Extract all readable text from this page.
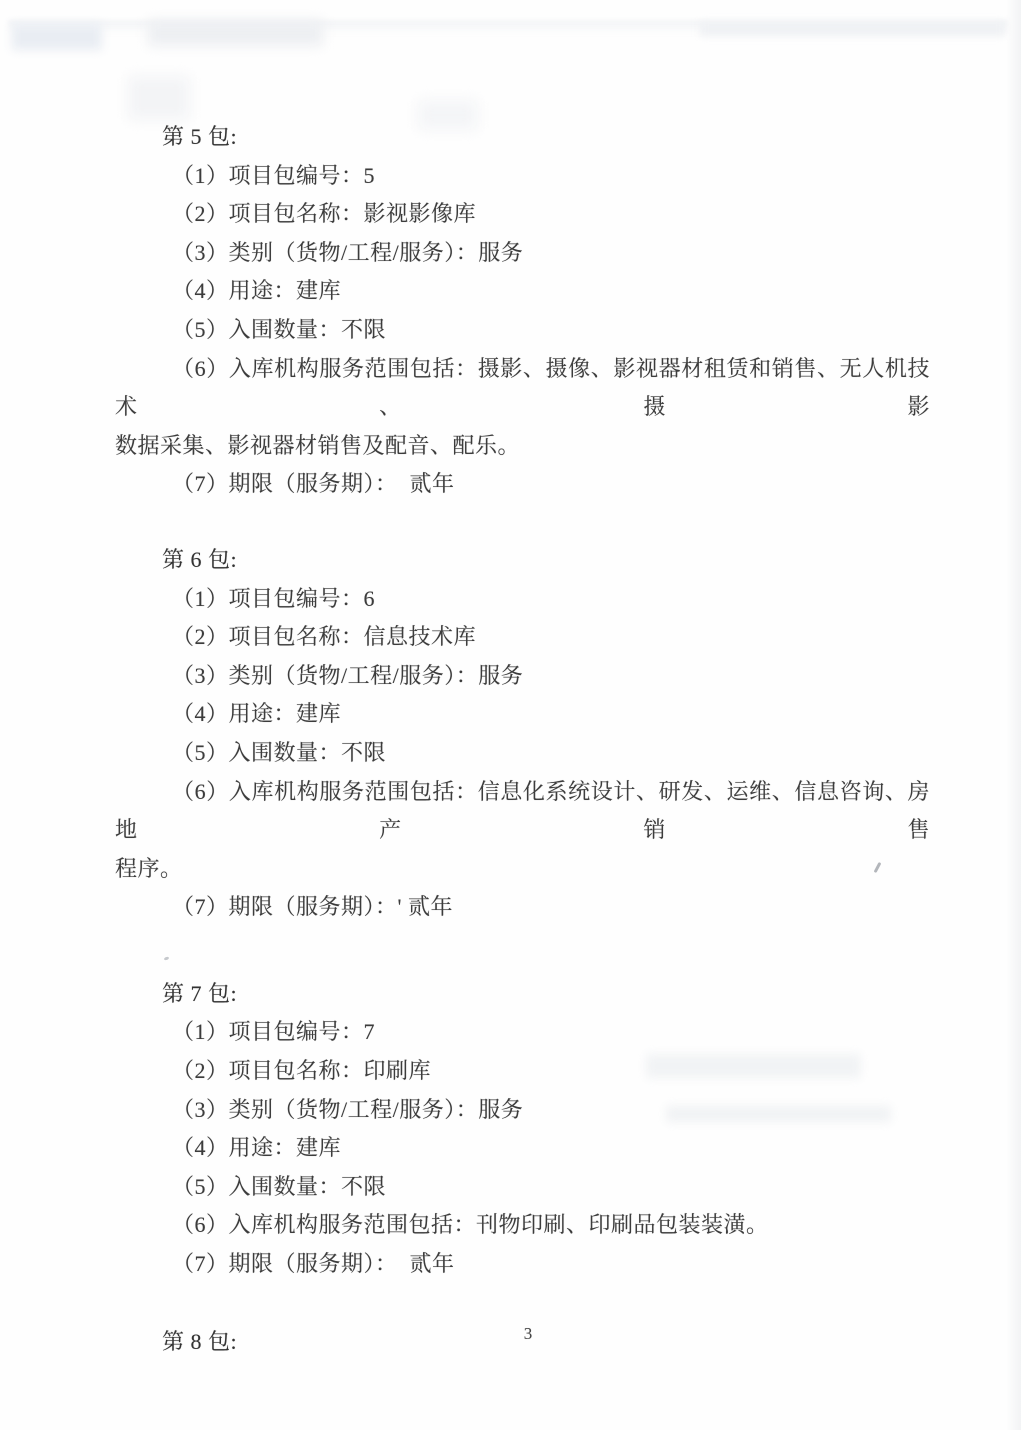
第 5 包:
（1）项目包编号：5
（2）项目包名称：影视影像库
（3）类别（货物/工程/服务）：服务
（4）用途：建库
（5）入围数量：不限
（6）入库机构服务范围包括：摄影、摄像、影视器材租赁和销售、无人机技术、摄影
数据采集、影视器材销售及配音、配乐。
（7）期限（服务期）：  贰年
第 6 包:
（1）项目包编号：6
（2）项目包名称：信息技术库
（3）类别（货物/工程/服务）：服务
（4）用途：建库
（5）入围数量：不限
（6）入库机构服务范围包括：信息化系统设计、研发、运维、信息咨询、房地产销售
程序。
（7）期限（服务期）：' 贰年
第 7 包:
（1）项目包编号：7
（2）项目包名称：印刷库
（3）类别（货物/工程/服务）：服务
（4）用途：建库
（5）入围数量：不限
（6）入库机构服务范围包括：刊物印刷、印刷品包装装潢。
（7）期限（服务期）：  贰年
第 8 包:	3
